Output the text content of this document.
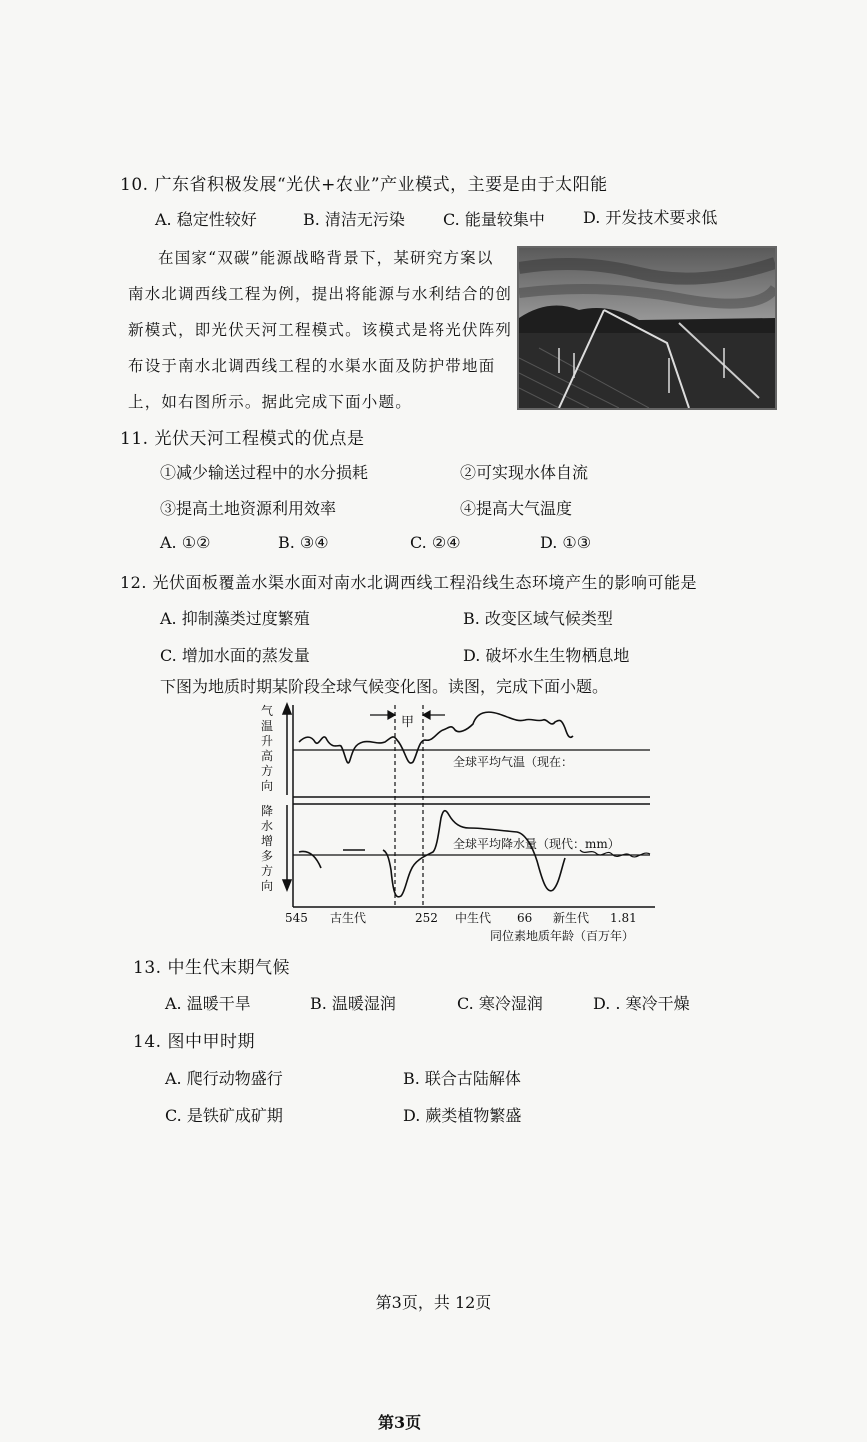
10. 广东省积极发展“光伏+农业”产业模式，主要是由于太阳能
A. 稳定性较好	B. 清洁无污染 C. 能量较集中 D. 开发技术要求低
在国家“双碳”能源战略背景下，某研究方案以
南水北调西线工程为例，提出将能源与水利结合的创
新模式，即光伏天河工程模式。该模式是将光伏阵列
布设于南水北调西线工程的水渠水面及防护带地面
上，如右图所示。据此完成下面小题。
11. 光伏天河工程模式的优点是
①减少输送过程中的水分损耗	②可实现水体自流
③提高土地资源利用效率	④提高大气温度
A. ①②	B. ③④	C. ②④	D. ①③
12. 光伏面板覆盖水渠水面对南水北调西线工程沿线生态环境产生的影响可能是
A. 抑制藻类过度繁殖	B. 改变区域气候类型
C. 增加水面的蒸发量	D. 破坏水生生物栖息地
下图为地质时期某阶段全球气候变化图。读图，完成下面小题。
气
温
升
高
方
向
降
水
增
多
方
向
甲
全球平均气温（现在：
全球平均降水量（现代：mm）
545 古生代	252 中生代 66 新生代 1.81
同位素地质年龄（百万年）
13. 中生代末期气候
A. 温暖干旱	B. 温暖湿润	C. 寒冷湿润	D. . 寒冷干燥
14. 图中甲时期
A. 爬行动物盛行	B. 联合古陆解体
C. 是铁矿成矿期	D. 蕨类植物繁盛
第3页，共 12页
第3页
